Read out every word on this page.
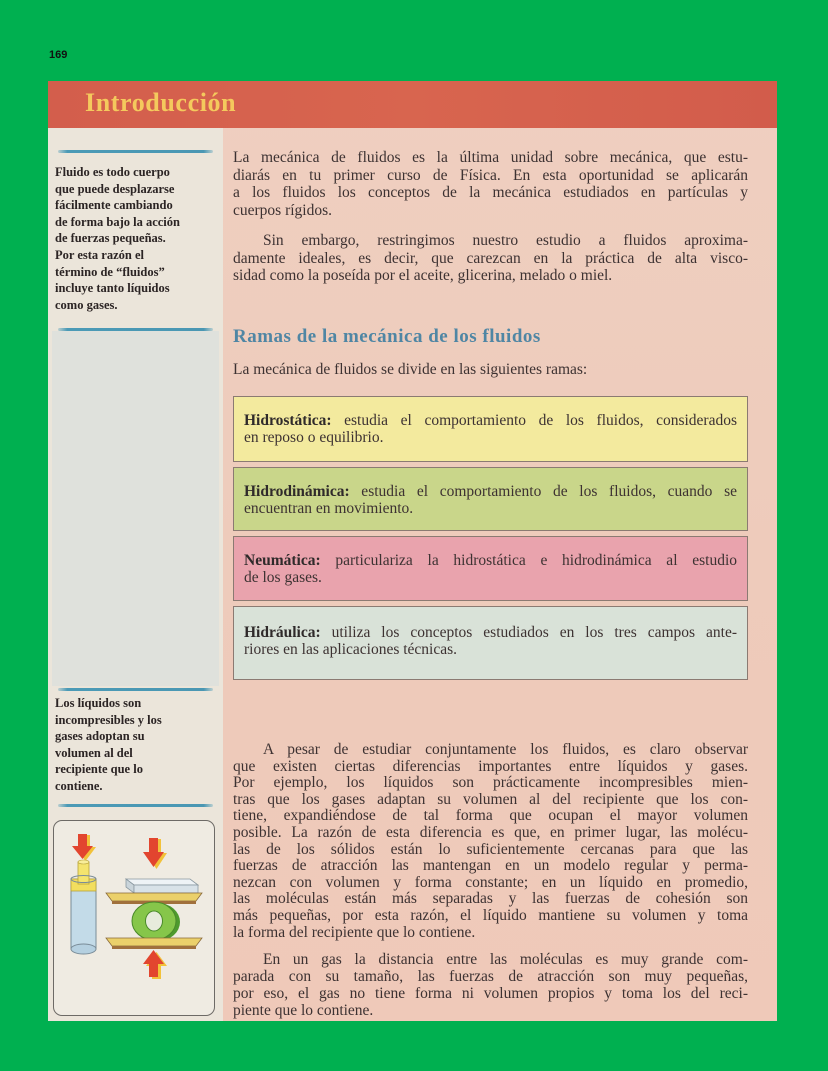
169
Introducción
Fluido es todo cuerpo
que puede desplazarse
fácilmente cambiando
de forma bajo la acción
de fuerzas pequeñas.
Por esta razón el
término de “fluidos”
incluye tanto líquidos
como gases.
Los líquidos son
incompresibles y los
gases adoptan su
volumen al del
recipiente que lo
contiene.
La mecánica de fluidos es la última unidad sobre mecánica, que estu-
diarás en tu primer curso de Física. En esta oportunidad se aplicarán
a los fluidos los conceptos de la mecánica estudiados en partículas y
cuerpos rígidos.
Sin embargo, restringimos nuestro estudio a fluidos aproxima-
damente ideales, es decir, que carezcan en la práctica de alta visco-
sidad como la poseída por el aceite, glicerina, melado o miel.
Ramas de la mecánica de los fluidos
La mecánica de fluidos se divide en las siguientes ramas:
Hidrostática: estudia el comportamiento de los fluidos, considerados
en reposo o equilibrio.
Hidrodinámica: estudia el comportamiento de los fluidos, cuando se
encuentran en movimiento.
Neumática: particulariza la hidrostática e hidrodinámica al estudio
de los gases.
Hidráulica: utiliza los conceptos estudiados en los tres campos ante-
riores en las aplicaciones técnicas.
A pesar de estudiar conjuntamente los fluidos, es claro observar
que existen ciertas diferencias importantes entre líquidos y gases.
Por ejemplo, los líquidos son prácticamente incompresibles mien-
tras que los gases adaptan su volumen al del recipiente que los con-
tiene, expandiéndose de tal forma que ocupan el mayor volumen
posible. La razón de esta diferencia es que, en primer lugar, las molécu-
las de los sólidos están lo suficientemente cercanas para que las
fuerzas de atracción las mantengan en un modelo regular y perma-
nezcan con volumen y forma constante; en un líquido en promedio,
las moléculas están más separadas y las fuerzas de cohesión son
más pequeñas, por esta razón, el líquido mantiene su volumen y toma
la forma del recipiente que lo contiene.
En un gas la distancia entre las moléculas es muy grande com-
parada con su tamaño, las fuerzas de atracción son muy pequeñas,
por eso, el gas no tiene forma ni volumen propios y toma los del reci-
piente que lo contiene.
